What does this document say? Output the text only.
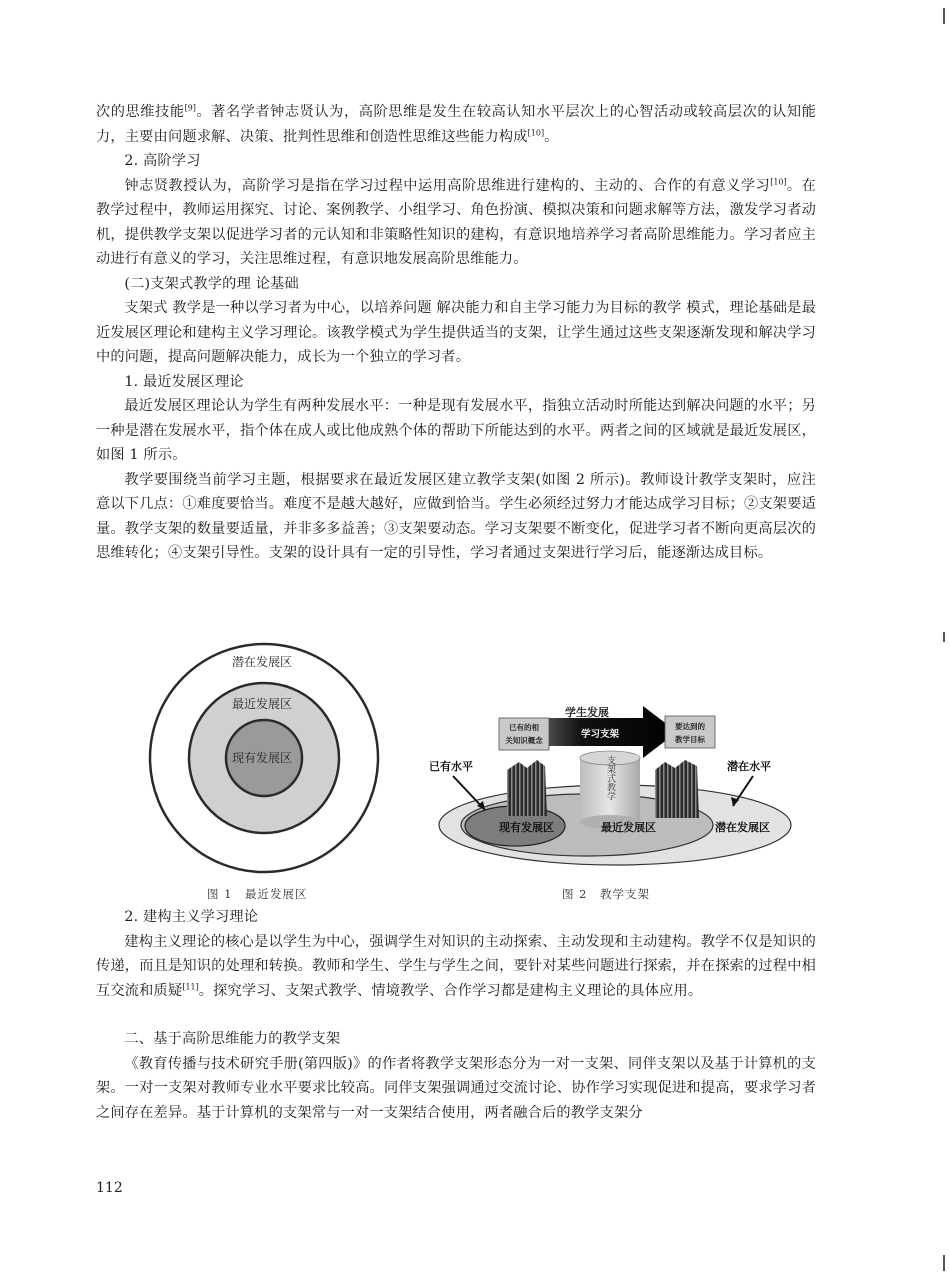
次的思维技能[9]。著名学者钟志贤认为，高阶思维是发生在较高认知水平层次上的心智活动或较高层次的认知能力，主要由问题求解、决策、批判性思维和创造性思维这些能力构成[10]。

2. 高阶学习

钟志贤教授认为，高阶学习是指在学习过程中运用高阶思维进行建构的、主动的、合作的有意义学习[10]。在教学过程中，教师运用探究、讨论、案例教学、小组学习、角色扮演、模拟决策和问题求解等方法，激发学习者动机，提供教学支架以促进学习者的元认知和非策略性知识的建构，有意识地培养学习者高阶思维能力。学习者应主动进行有意义的学习，关注思维过程，有意识地发展高阶思维能力。

(二)支架式教学的理 论基础

支架式 教学是一种以学习者为中心，以培养问题 解决能力和自主学习能力为目标的教学 模式，理论基础是最近发展区理论和建构主义学习理论。该教学模式为学生提供适当的支架，让学生通过这些支架逐渐发现和解决学习中的问题，提高问题解决能力，成长为一个独立的学习者。

1. 最近发展区理论

最近发展区理论认为学生有两种发展水平：一种是现有发展水平，指独立活动时所能达到解决问题的水平；另一种是潜在发展水平，指个体在成人或比他成熟个体的帮助下所能达到的水平。两者之间的区域就是最近发展区，如图 1 所示。

教学要围绕当前学习主题，根据要求在最近发展区建立教学支架(如图 2 所示)。教师设计教学支架时，应注意以下几点：①难度要恰当。难度不是越大越好，应做到恰当。学生必须经过努力才能达成学习目标；②支架要适量。教学支架的数量要适量，并非多多益善；③支架要动态。学习支架要不断变化，促进学习者不断向更高层次的思维转化；④支架引导性。支架的设计具有一定的引导性，学习者通过支架进行学习后，能逐渐达成目标。

潜在发展区
最近发展区
现有发展区
图 1　最近发展区
支架式教学
学生发展
已有的相
关知识概念
学习支架
要达到的
教学目标
已有水平	潜在水平
现有发展区	最近发展区	潜在发展区
图 2　教学支架

2. 建构主义学习理论

建构主义理论的核心是以学生为中心，强调学生对知识的主动探索、主动发现和主动建构。教学不仅是知识的传递，而且是知识的处理和转换。教师和学生、学生与学生之间，要针对某些问题进行探索，并在探索的过程中相互交流和质疑[11]。探究学习、支架式教学、情境教学、合作学习都是建构主义理论的具体应用。

二、基于高阶思维能力的教学支架

《教育传播与技术研究手册(第四版)》的作者将教学支架形态分为一对一支架、同伴支架以及基于计算机的支架。一对一支架对教师专业水平要求比较高。同伴支架强调通过交流讨论、协作学习实现促进和提高，要求学习者之间存在差异。基于计算机的支架常与一对一支架结合使用，两者融合后的教学支架分

112
